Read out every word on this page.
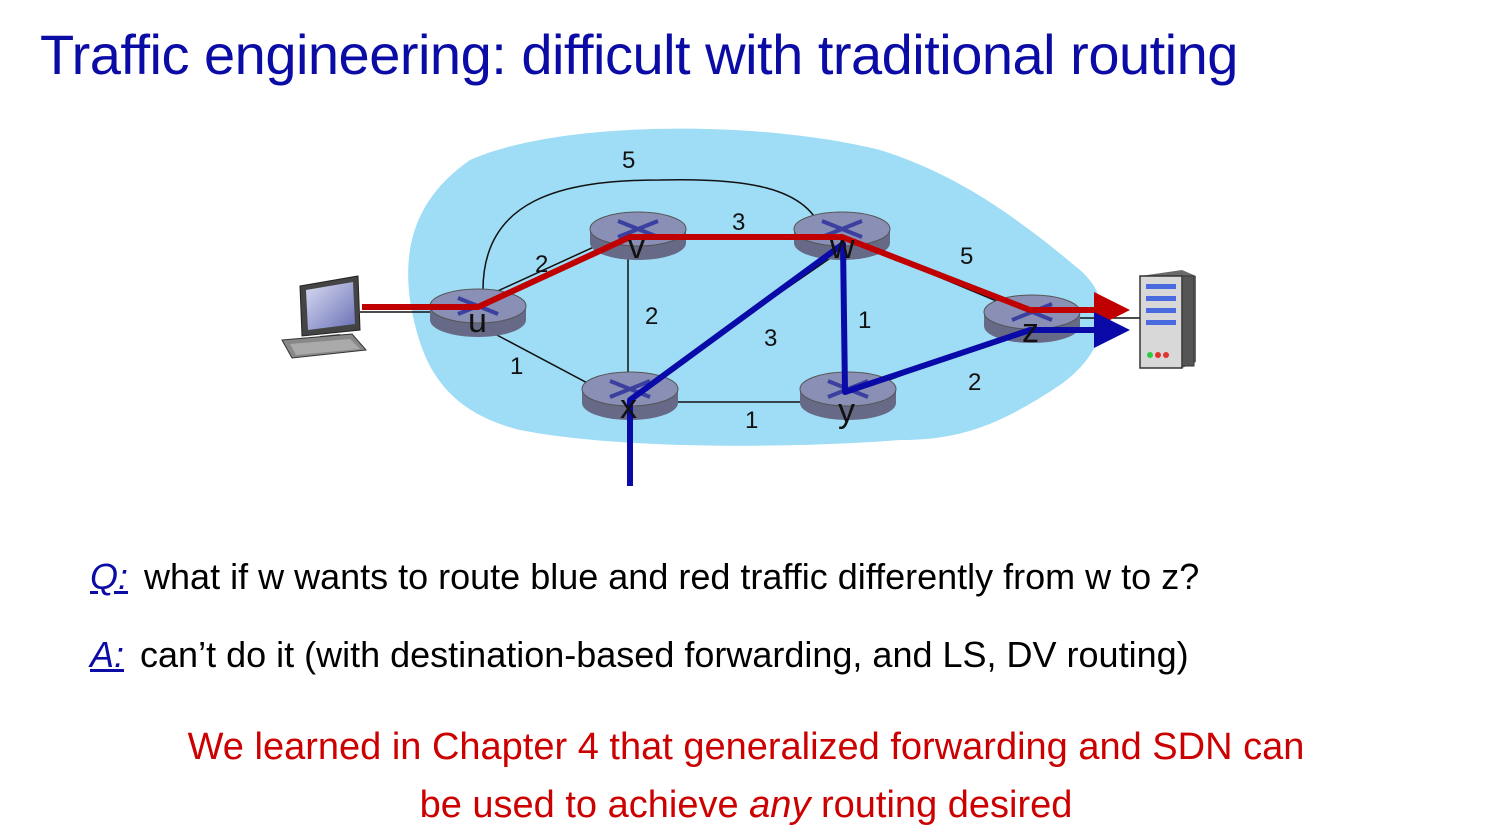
Traffic engineering: difficult with traditional routing
u
v	w
x	y
z
5
3
2
2
3
1
5
1
1
2
Q: what if w wants to route blue and red traffic differently from w to z?
A: can’t do it (with destination-based forwarding, and LS, DV routing)
We learned in Chapter 4 that generalized forwarding and SDN can
be used to achieve any routing desired
